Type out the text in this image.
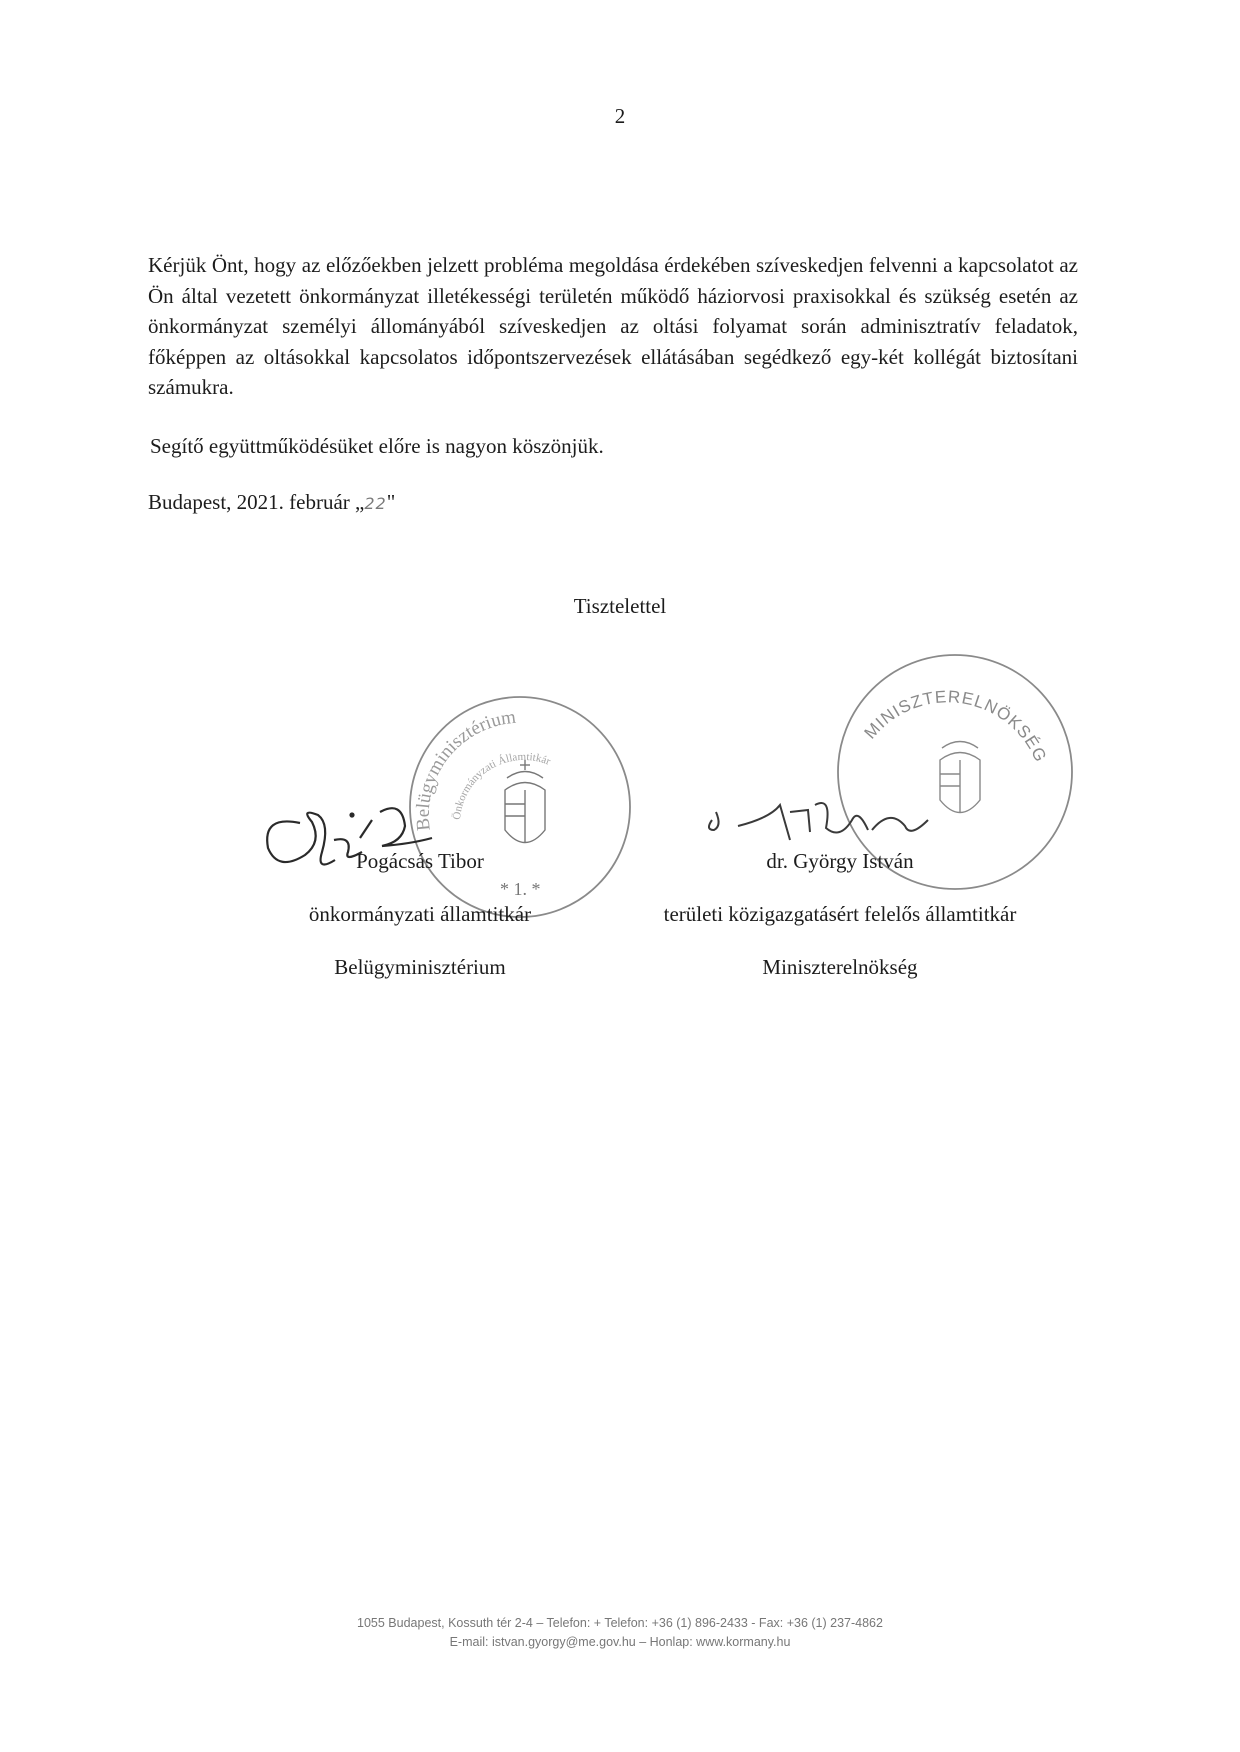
2
Kérjük Önt, hogy az előzőekben jelzett probléma megoldása érdekében szíveskedjen felvenni a kapcsolatot az Ön által vezetett önkormányzat illetékességi területén működő háziorvosi praxisokkal és szükség esetén az önkormányzat személyi állományából szíveskedjen az oltási folyamat során adminisztratív feladatok, főképpen az oltásokkal kapcsolatos időpontszervezések ellátásában segédkező egy-két kollégát biztosítani számukra.
Segítő együttműködésüket előre is nagyon köszönjük.
Budapest, 2021. február „22"
Tisztelettel
Belügyminisztérium
Önkormányzati Államtitkár
* 1. *
MINISZTERELNÖKSÉG
Pogácsás Tibor
önkormányzati államtitkár
Belügyminisztérium
dr. György István
területi közigazgatásért felelős államtitkár
Miniszterelnökség
1055 Budapest, Kossuth tér 2-4 – Telefon: + Telefon: +36 (1) 896-2433 - Fax: +36 (1) 237-4862
E-mail: istvan.gyorgy@me.gov.hu – Honlap: www.kormany.hu
